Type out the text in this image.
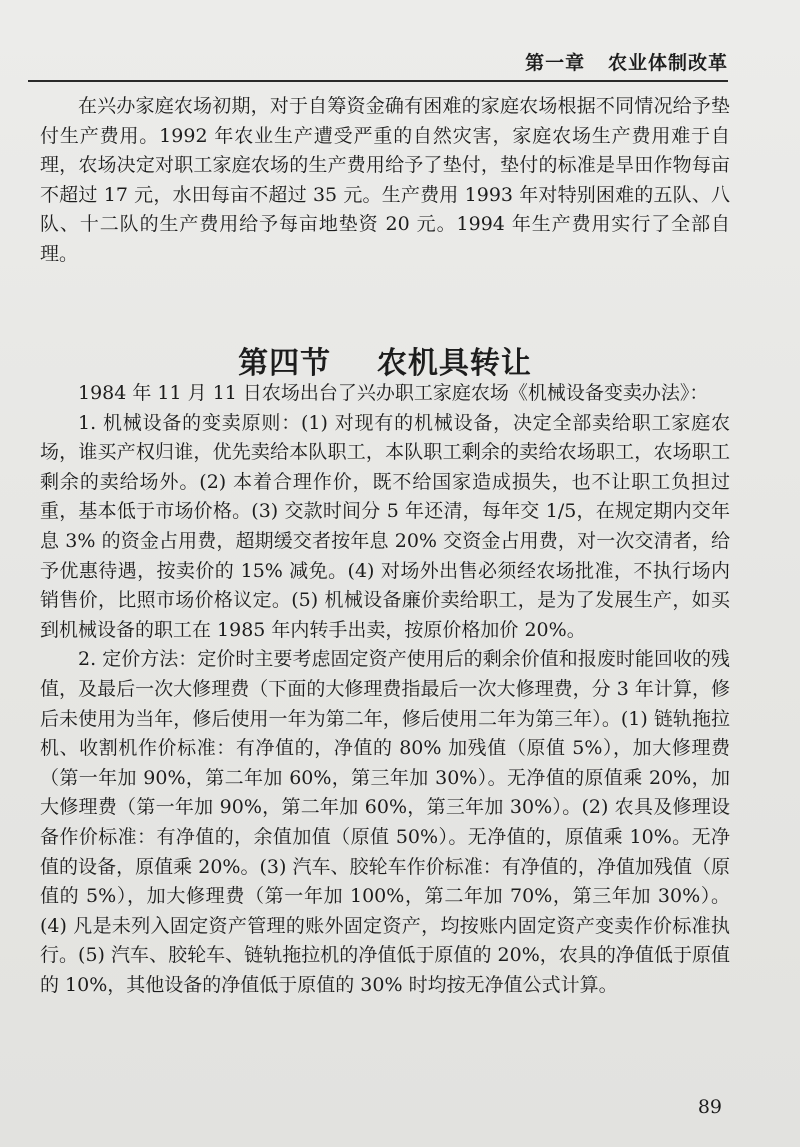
第一章   农业体制改革

在兴办家庭农场初期，对于自筹资金确有困难的家庭农场根据不同情况给予垫付生产费用。1992 年农业生产遭受严重的自然灾害，家庭农场生产费用难于自理，农场决定对职工家庭农场的生产费用给予了垫付，垫付的标准是旱田作物每亩不超过 17 元，水田每亩不超过 35 元。生产费用 1993 年对特别困难的五队、八队、十二队的生产费用给予每亩地垫资 20 元。1994 年生产费用实行了全部自理。

第四节    农机具转让

1984 年 11 月 11 日农场出台了兴办职工家庭农场《机械设备变卖办法》：

1. 机械设备的变卖原则：(1) 对现有的机械设备，决定全部卖给职工家庭农场，谁买产权归谁，优先卖给本队职工，本队职工剩余的卖给农场职工，农场职工剩余的卖给场外。(2) 本着合理作价，既不给国家造成损失，也不让职工负担过重，基本低于市场价格。(3) 交款时间分 5 年还清，每年交 1/5，在规定期内交年息 3% 的资金占用费，超期缓交者按年息 20% 交资金占用费，对一次交清者，给予优惠待遇，按卖价的 15% 减免。(4) 对场外出售必须经农场批准，不执行场内销售价，比照市场价格议定。(5) 机械设备廉价卖给职工，是为了发展生产，如买到机械设备的职工在 1985 年内转手出卖，按原价格加价 20%。

2. 定价方法：定价时主要考虑固定资产使用后的剩余价值和报废时能回收的残值，及最后一次大修理费（下面的大修理费指最后一次大修理费，分 3 年计算，修后未使用为当年，修后使用一年为第二年，修后使用二年为第三年）。(1) 链轨拖拉机、收割机作价标准：有净值的，净值的 80% 加残值（原值 5%），加大修理费（第一年加 90%，第二年加 60%，第三年加 30%）。无净值的原值乘 20%，加大修理费（第一年加 90%，第二年加 60%，第三年加 30%）。(2) 农具及修理设备作价标准：有净值的，余值加值（原值 50%）。无净值的，原值乘 10%。无净值的设备，原值乘 20%。(3) 汽车、胶轮车作价标准：有净值的，净值加残值（原值的 5%），加大修理费（第一年加 100%，第二年加 70%，第三年加 30%）。(4) 凡是未列入固定资产管理的账外固定资产，均按账内固定资产变卖作价标准执行。(5) 汽车、胶轮车、链轨拖拉机的净值低于原值的 20%，农具的净值低于原值的 10%，其他设备的净值低于原值的 30% 时均按无净值公式计算。

89
